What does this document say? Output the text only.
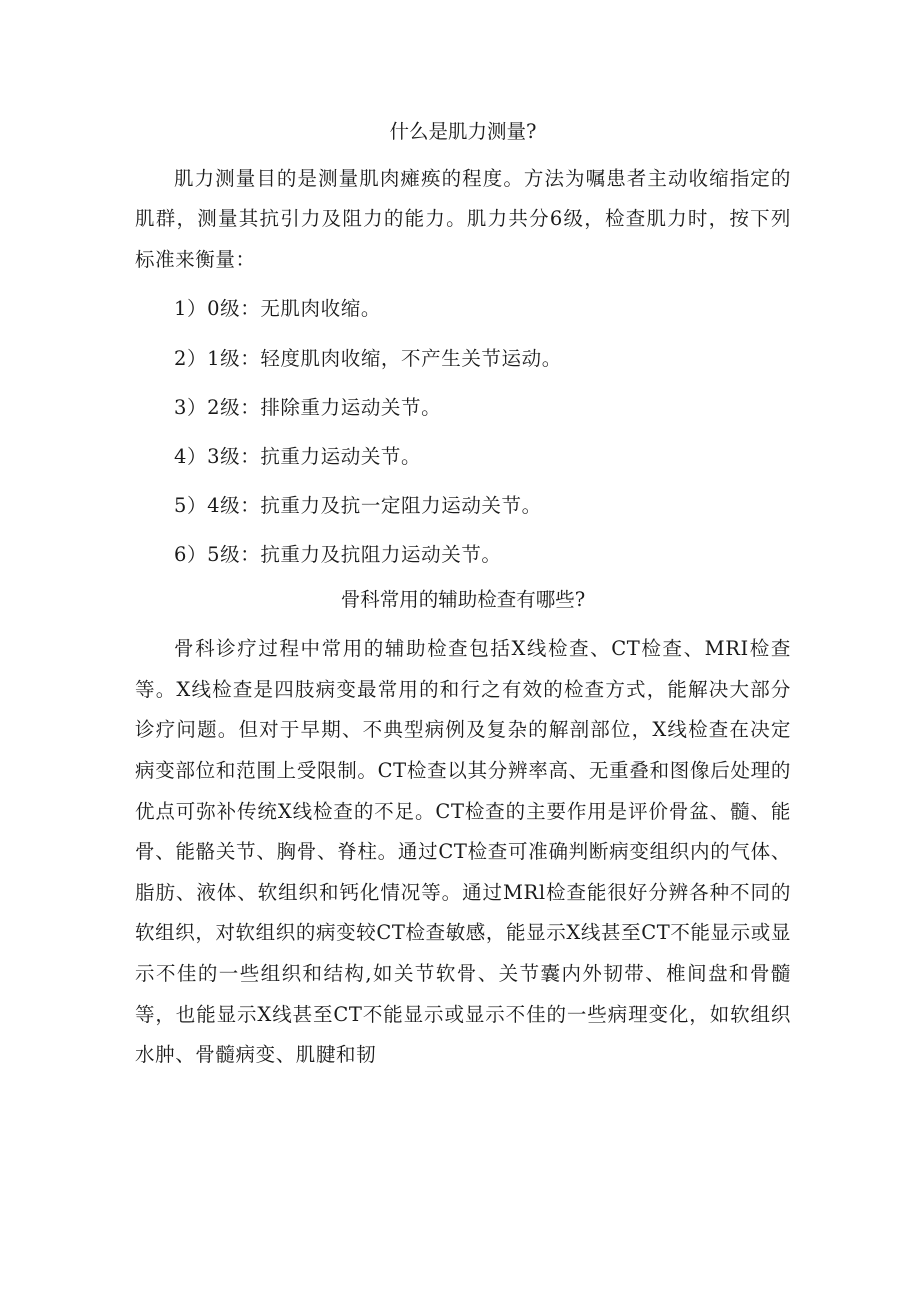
什么是肌力测量?

肌力测量目的是测量肌肉瘫痪的程度。方法为嘱患者主动收缩指定的肌群，测量其抗引力及阻力的能力。肌力共分6级，检查肌力时，按下列标准来衡量：

1）0级：无肌肉收缩。
2）1级：轻度肌肉收缩，不产生关节运动。
3）2级：排除重力运动关节。
4）3级：抗重力运动关节。
5）4级：抗重力及抗一定阻力运动关节。
6）5级：抗重力及抗阻力运动关节。
骨科常用的辅助检查有哪些?

骨科诊疗过程中常用的辅助检查包括X线检查、CT检查、MRI检查等。X线检查是四肢病变最常用的和行之有效的检查方式，能解决大部分诊疗问题。但对于早期、不典型病例及复杂的解剖部位，X线检查在决定病变部位和范围上受限制。CT检查以其分辨率高、无重叠和图像后处理的优点可弥补传统X线检查的不足。CT检查的主要作用是评价骨盆、髓、能骨、能骼关节、胸骨、脊柱。通过CT检查可准确判断病变组织内的气体、脂肪、液体、软组织和钙化情况等。通过MRl检查能很好分辨各种不同的软组织，对软组织的病变较CT检查敏感，能显示X线甚至CT不能显示或显示不佳的一些组织和结构,如关节软骨、关节囊内外韧带、椎间盘和骨髓等，也能显示X线甚至CT不能显示或显示不佳的一些病理变化，如软组织水肿、骨髓病变、肌腱和韧
